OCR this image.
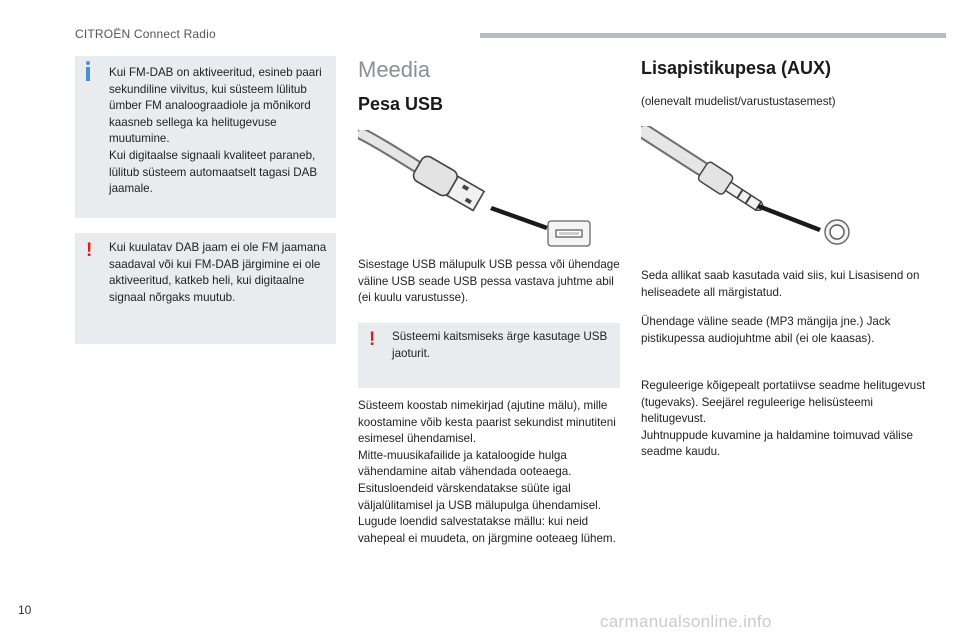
CITROËN Connect Radio

Kui FM-DAB on aktiveeritud, esineb paari sekundiline viivitus, kui süsteem lülitub ümber FM analoograadiole ja mõnikord kaasneb sellega ka helitugevuse muutumine.
Kui digitaalse signaali kvaliteet paraneb, lülitub süsteem automaatselt tagasi DAB jaamale.

!	Kui kuulatav DAB jaam ei ole FM jaamana saadaval või kui FM-DAB järgimine ei ole aktiveeritud, katkeb heli, kui digitaalne signaal nõrgaks muutub.

Meedia
Pesa USB

Sisestage USB mälupulk USB pessa või ühendage väline USB seade USB pessa vastava juhtme abil (ei kuulu varustusse).

!	Süsteemi kaitsmiseks ärge kasutage USB jaoturit.

Süsteem koostab nimekirjad (ajutine mälu), mille koostamine võib kesta paarist sekundist minutiteni esimesel ühendamisel.
Mitte-muusikafailide ja kataloogide hulga vähendamine aitab vähendada ooteaega.
Esitusloendeid värskendatakse süüte igal väljalülitamisel ja USB mälupulga ühendamisel.
Lugude loendid salvestatakse mällu: kui neid vahepeal ei muudeta, on järgmine ooteaeg lühem.

Lisapistikupesa (AUX)

(olenevalt mudelist/varustustasemest)

Seda allikat saab kasutada vaid siis, kui Lisasisend on heliseadete all märgistatud.

Ühendage väline seade (MP3 mängija jne.) Jack pistikupessa audiojuhtme abil (ei ole kaasas).

Reguleerige kõigepealt portatiivse seadme helitugevust (tugevaks). Seejärel reguleerige helisüsteemi helitugevust.
Juhtnuppude kuvamine ja haldamine toimuvad välise seadme kaudu.

10
carmanualsonline.info
